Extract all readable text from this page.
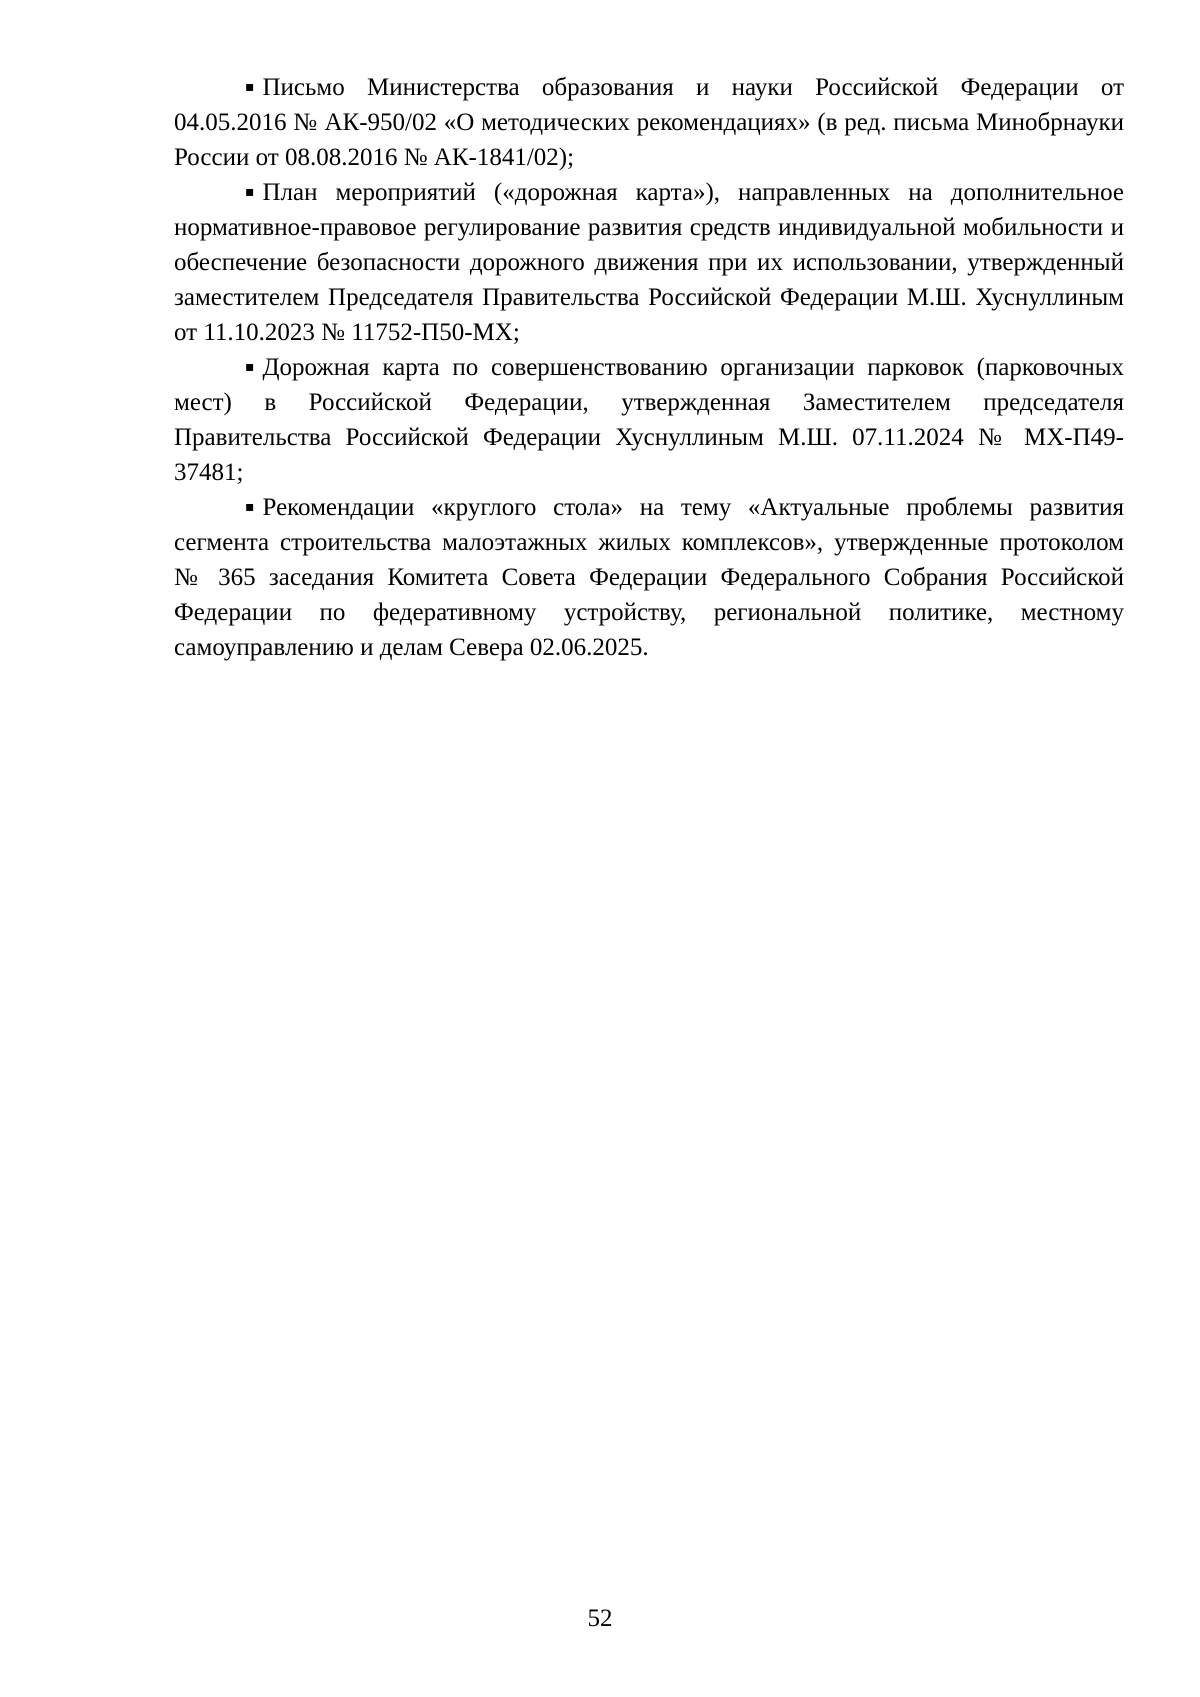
▪ Письмо Министерства образования и науки Российской Федерации от 04.05.2016 № АК-950/02 «О методических рекомендациях» (в ред. письма Минобрнауки России от 08.08.2016 № АК-1841/02);

▪ План мероприятий («дорожная карта»), направленных на дополнительное нормативное-правовое регулирование развития средств индивидуальной мобильности и обеспечение безопасности дорожного движения при их использовании, утвержденный заместителем Председателя Правительства Российской Федерации М.Ш. Хуснуллиным от 11.10.2023 № 11752-П50-МХ;

▪ Дорожная карта по совершенствованию организации парковок (парковочных мест) в Российской Федерации, утвержденная Заместителем председателя Правительства Российской Федерации Хуснуллиным М.Ш. 07.11.2024 № МХ-П49-37481;

▪ Рекомендации «круглого стола» на тему «Актуальные проблемы развития сегмента строительства малоэтажных жилых комплексов», утвержденные протоколом № 365 заседания Комитета Совета Федерации Федерального Собрания Российской Федерации по федеративному устройству, региональной политике, местному самоуправлению и делам Севера 02.06.2025.

52
